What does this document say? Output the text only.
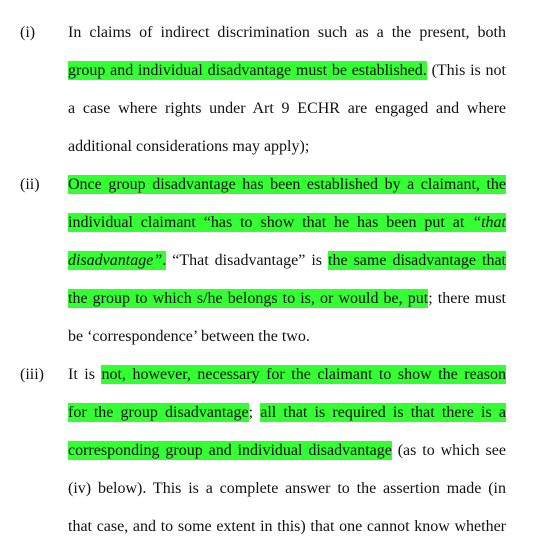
(i) In claims of indirect discrimination such as a the present, both
group and individual disadvantage must be established. (This is not
a case where rights under Art 9 ECHR are engaged and where
additional considerations may apply);
(ii) Once group disadvantage has been established by a claimant, the
individual claimant “has to show that he has been put at “that
disadvantage”. “That disadvantage” is the same disadvantage that
the group to which s/he belongs to is, or would be, put; there must
be ‘correspondence’ between the two.
(iii) It is not, however, necessary for the claimant to show the reason
for the group disadvantage; all that is required is that there is a
corresponding group and individual disadvantage (as to which see
(iv) below). This is a complete answer to the assertion made (in
that case, and to some extent in this) that one cannot know whether
